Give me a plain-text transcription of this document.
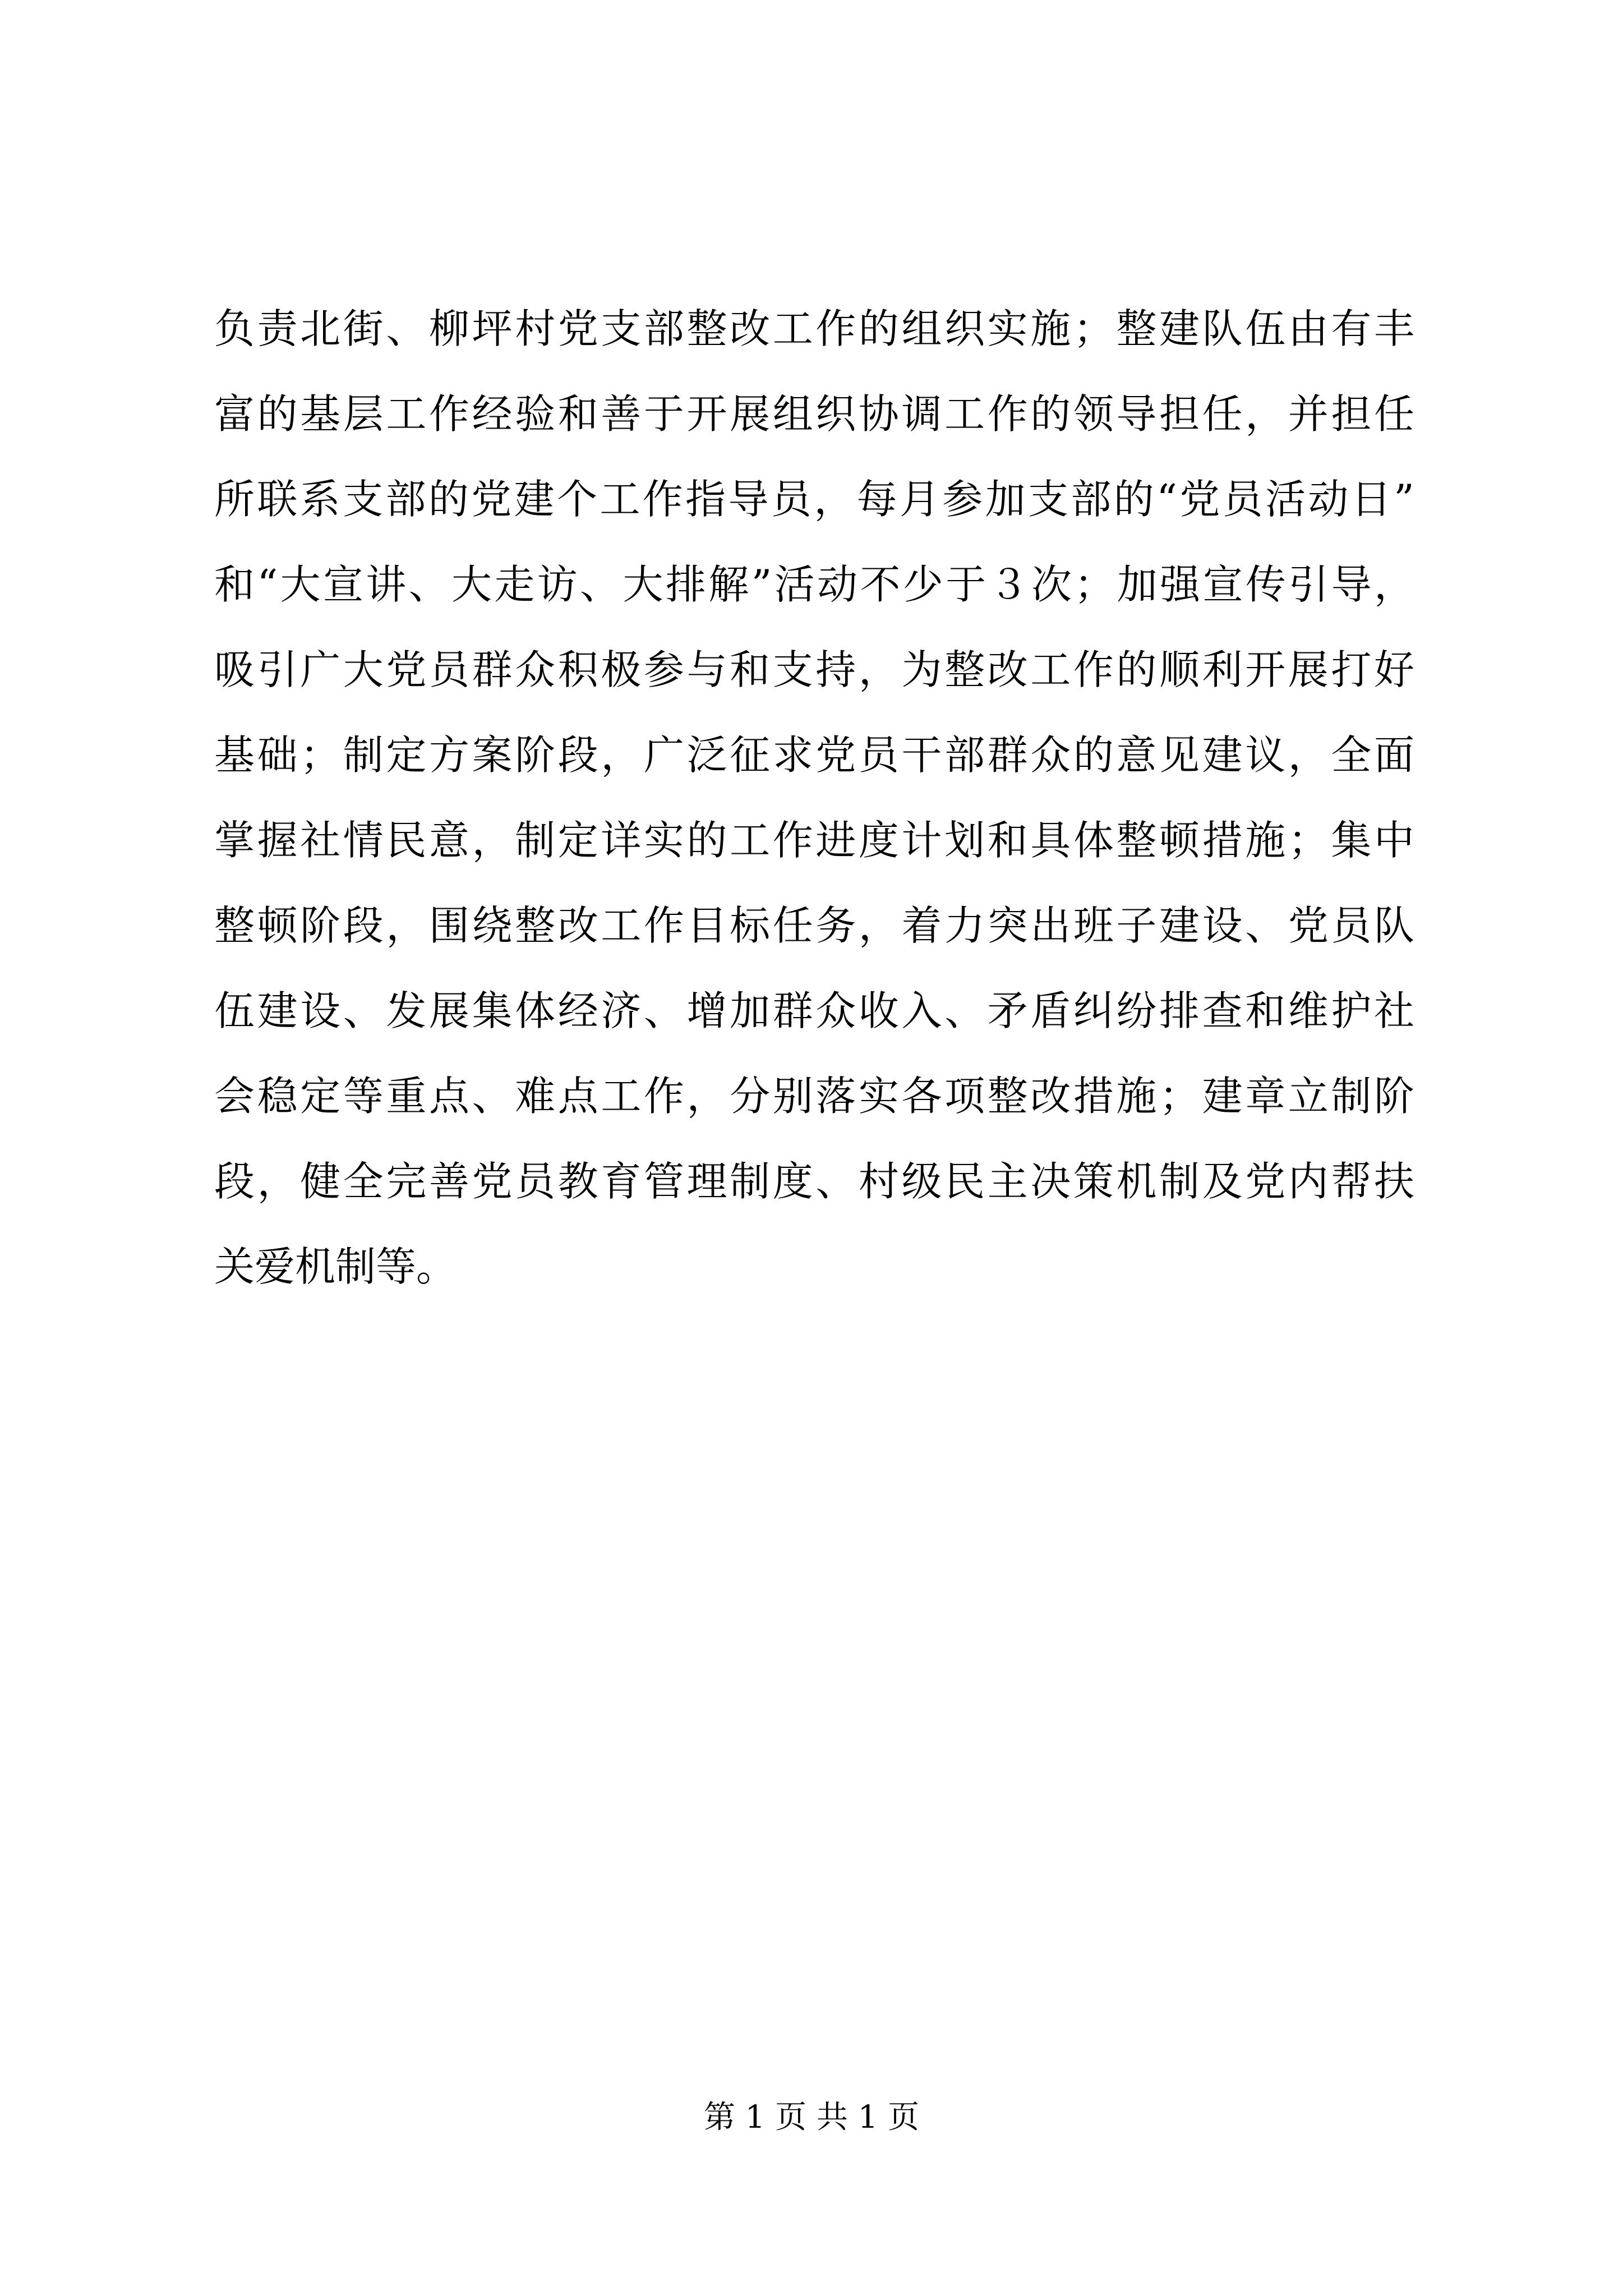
负责北街、柳坪村党支部整改工作的组织实施；整建队伍由有丰
富的基层工作经验和善于开展组织协调工作的领导担任，并担任
所联系支部的党建个工作指导员，每月参加支部的“党员活动日”
和“大宣讲、大走访、大排解”活动不少于３次；加强宣传引导，
吸引广大党员群众积极参与和支持，为整改工作的顺利开展打好
基础；制定方案阶段，广泛征求党员干部群众的意见建议，全面
掌握社情民意，制定详实的工作进度计划和具体整顿措施；集中
整顿阶段，围绕整改工作目标任务，着力突出班子建设、党员队
伍建设、发展集体经济、增加群众收入、矛盾纠纷排查和维护社
会稳定等重点、难点工作，分别落实各项整改措施；建章立制阶
段，健全完善党员教育管理制度、村级民主决策机制及党内帮扶
关爱机制等。
第 1 页 共 1 页
